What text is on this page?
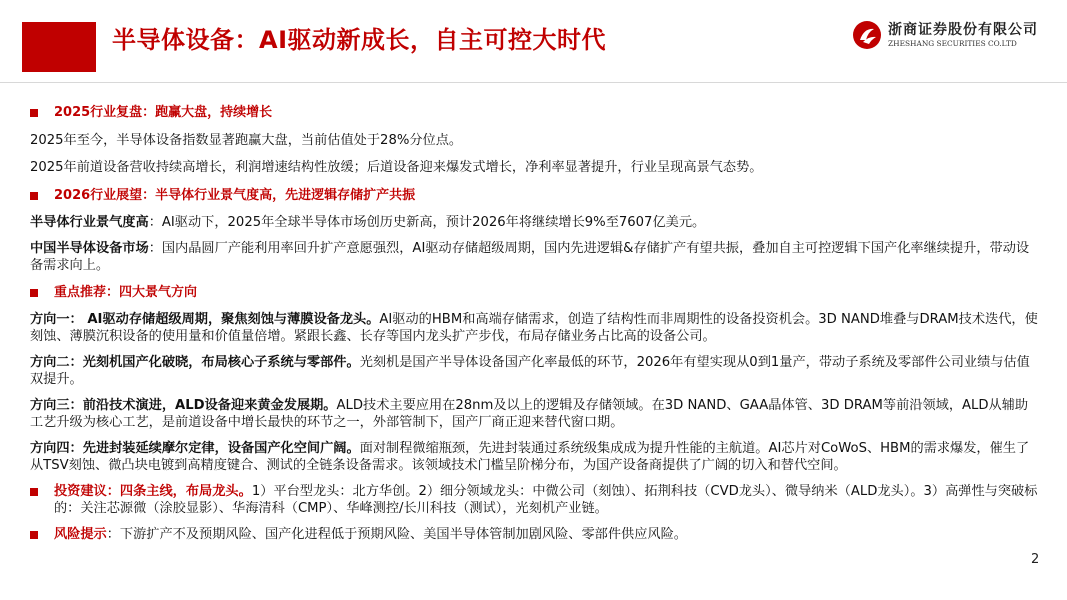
半导体设备：AI驱动新成长，自主可控大时代	浙商证券股份有限公司
ZHESHANG SECURITIES CO.LTD
2025行业复盘：跑赢大盘，持续增长
2025年至今，半导体设备指数显著跑赢大盘，当前估值处于28%分位点。
2025年前道设备营收持续高增长，利润增速结构性放缓；后道设备迎来爆发式增长，净利率显著提升，行业呈现高景气态势。
2026行业展望：半导体行业景气度高，先进逻辑存储扩产共振
半导体行业景气度高：AI驱动下，2025年全球半导体市场创历史新高，预计2026年将继续增长9%至7607亿美元。
中国半导体设备市场：国内晶圆厂产能利用率回升扩产意愿强烈，AI驱动存储超级周期，国内先进逻辑&存储扩产有望共振，叠加自主可控逻辑下国产化率继续提升，带动设备需求向上。
重点推荐：四大景气方向
方向一： AI驱动存储超级周期，聚焦刻蚀与薄膜设备龙头。AI驱动的HBM和高端存储需求，创造了结构性而非周期性的设备投资机会。3D NAND堆叠与DRAM技术迭代，使刻蚀、薄膜沉积设备的使用量和价值量倍增。紧跟长鑫、长存等国内龙头扩产步伐，布局存储业务占比高的设备公司。
方向二：光刻机国产化破晓，布局核心子系统与零部件。光刻机是国产半导体设备国产化率最低的环节，2026年有望实现从0到1量产，带动子系统及零部件公司业绩与估值双提升。
方向三：前沿技术演进，ALD设备迎来黄金发展期。ALD技术主要应用在28nm及以上的逻辑及存储领域。在3D NAND、GAA晶体管、3D DRAM等前沿领域，ALD从辅助工艺升级为核心工艺，是前道设备中增长最快的环节之一，外部管制下，国产厂商正迎来替代窗口期。
方向四：先进封装延续摩尔定律，设备国产化空间广阔。面对制程微缩瓶颈，先进封装通过系统级集成成为提升性能的主航道。AI芯片对CoWoS、HBM的需求爆发，催生了从TSV刻蚀、微凸块电镀到高精度键合、测试的全链条设备需求。该领域技术门槛呈阶梯分布，为国产设备商提供了广阔的切入和替代空间。
投资建议：四条主线，布局龙头。1）平台型龙头：北方华创。2）细分领域龙头：中微公司（刻蚀）、拓荆科技（CVD龙头）、微导纳米（ALD龙头）。3）高弹性与突破标的：关注芯源微（涂胶显影）、华海清科（CMP）、华峰测控/长川科技（测试），光刻机产业链。
风险提示：下游扩产不及预期风险、国产化进程低于预期风险、美国半导体管制加剧风险、零部件供应风险。
2
